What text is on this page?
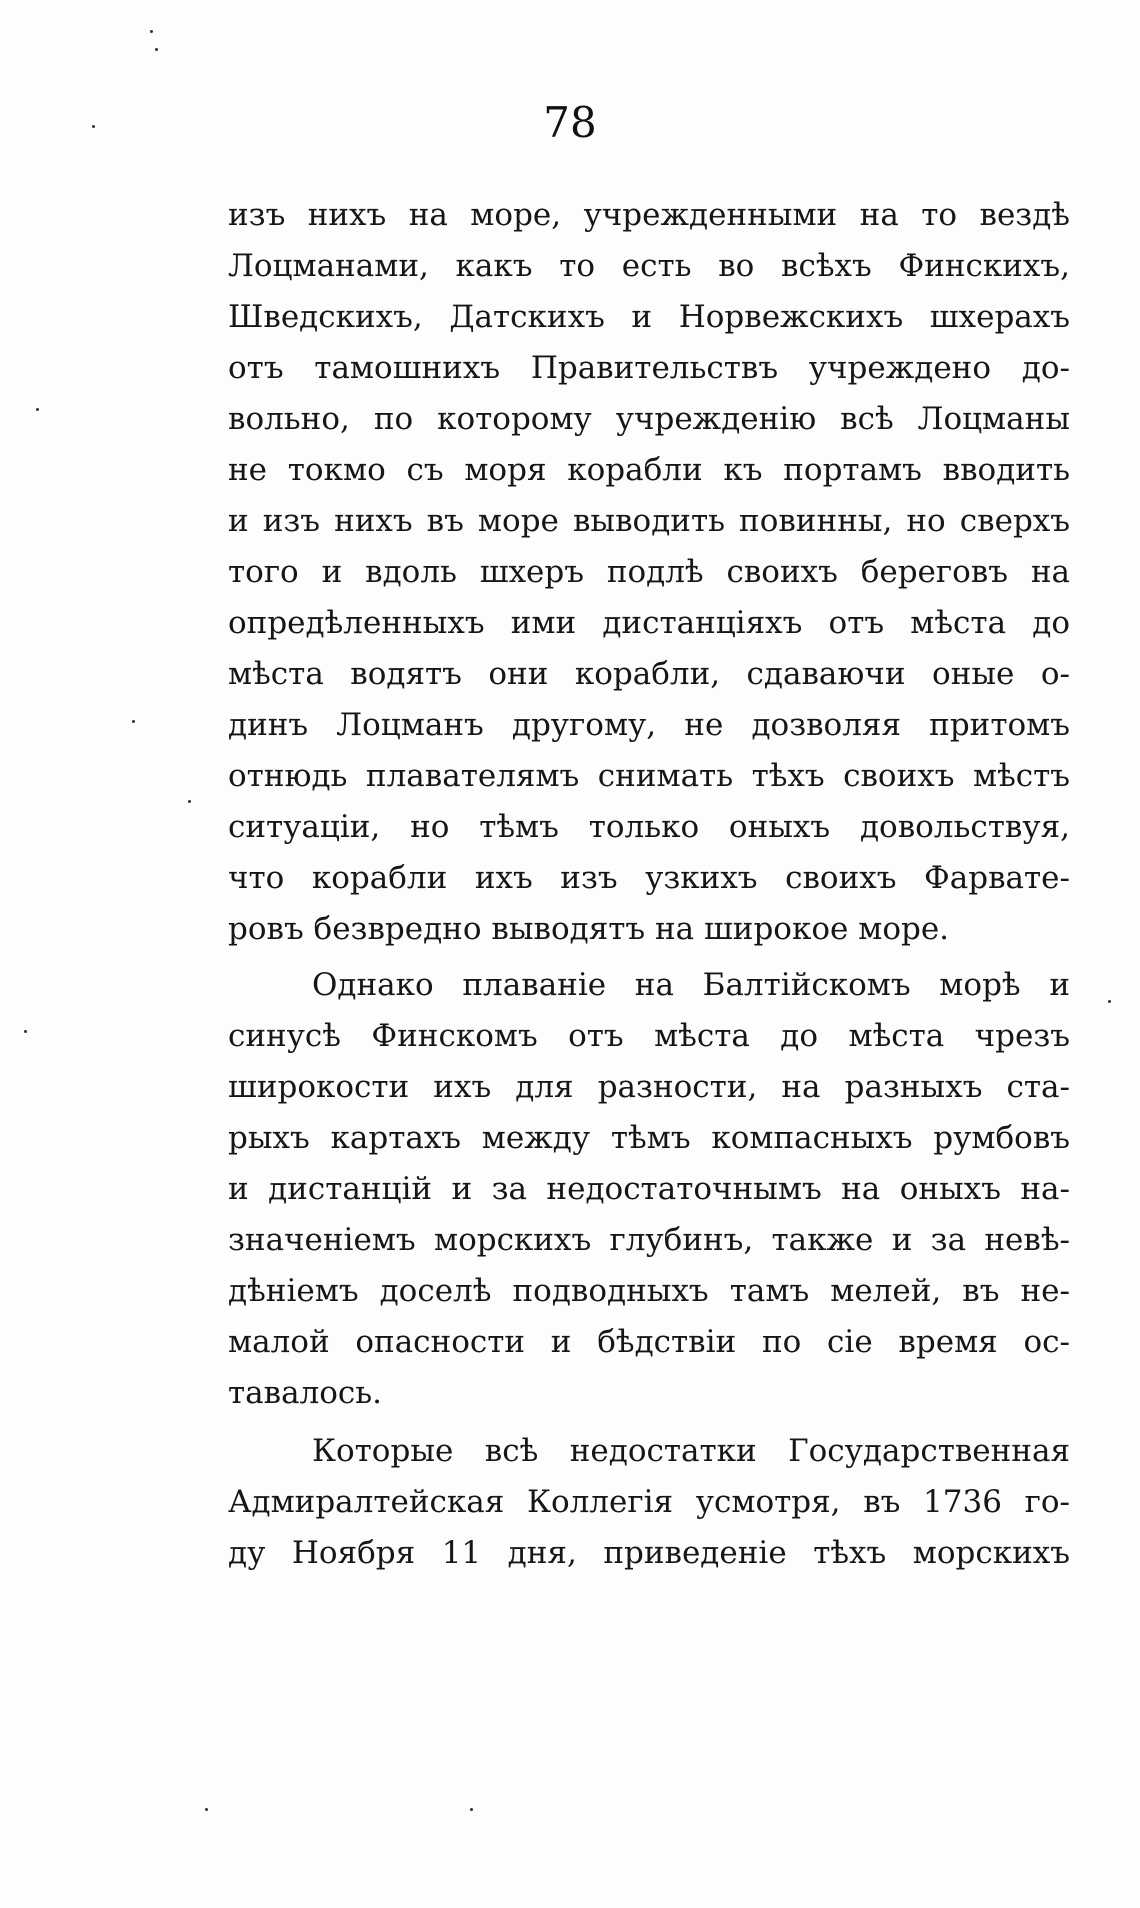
78
изъ нихъ на море, учрежденными на то вездѣ
Лоцманами, какъ то есть во всѣхъ Финскихъ,
Шведскихъ, Датскихъ и Норвежскихъ шхерахъ
отъ тамошнихъ Правительствъ учреждено до-
вольно, по которому учрежденію всѣ Лоцманы
не токмо съ моря корабли къ портамъ вводить
и изъ нихъ въ море выводить повинны, но сверхъ
того и вдоль шхеръ подлѣ своихъ береговъ на
опредѣленныхъ ими дистанціяхъ отъ мѣста до
мѣста водятъ они корабли, сдаваючи оные о-
динъ Лоцманъ другому, не дозволяя притомъ
отнюдь плавателямъ снимать тѣхъ своихъ мѣстъ
ситуаціи, но тѣмъ только оныхъ довольствуя,
что корабли ихъ изъ узкихъ своихъ Фарвате-
ровъ безвредно выводятъ на широкое море.
Однако плаваніе на Балтійскомъ морѣ и
синусѣ Финскомъ отъ мѣста до мѣста чрезъ
широкости ихъ для разности, на разныхъ ста-
рыхъ картахъ между тѣмъ компасныхъ румбовъ
и дистанцій и за недостаточнымъ на оныхъ на-
значеніемъ морскихъ глубинъ, также и за невѣ-
дѣніемъ доселѣ подводныхъ тамъ мелей, въ не-
малой опасности и бѣдствіи по сіе время ос-
тавалось.
Которые всѣ недостатки Государственная
Адмиралтейская Коллегія усмотря, въ 1736 го-
ду Ноября 11 дня, приведеніе тѣхъ морскихъ
